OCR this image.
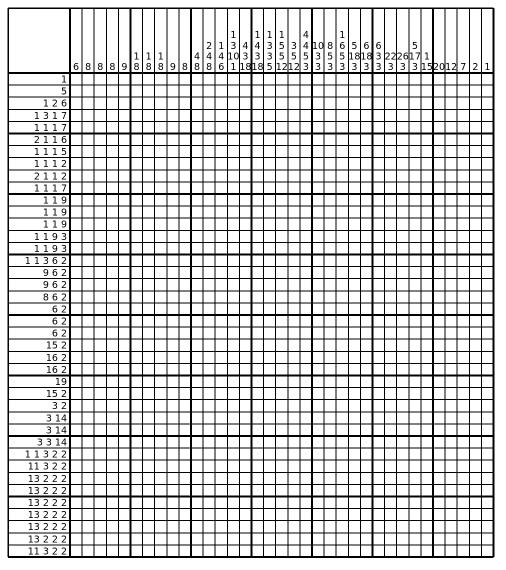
6 8 8 8 9
1
8
1
8
1
8 9 8
4
8
2
4
8
1
4
6
1
3
10
1
4
3
18
1
4
3
18
1
3
3
5
1
5
5
12
3
5
12
4
4
5
3
10
3
3
8
5
3
1
6
5
3
5
18
3
6
18
3
6
3
3
22
3
26
3
5
17
3
1
15 20 12 7 2 1
1
5
1 2 6
1 3 1 7
1 1 1 7
2 1 1 6
1 1 1 5
1 1 1 2
2 1 1 2
1 1 1 7
1 1 9
1 1 9
1 1 9
1 1 9 3
1 1 9 3
1 1 3 6 2
9 6 2
9 6 2
8 6 2
6 2
6 2
6 2
15 2
16 2
16 2
19
15 2
3 2
3 14
3 14
3 3 14
1 1 3 2 2
11 3 2 2
13 2 2 2
13 2 2 2
13 2 2 2
13 2 2 2
13 2 2 2
13 2 2 2
11 3 2 2
